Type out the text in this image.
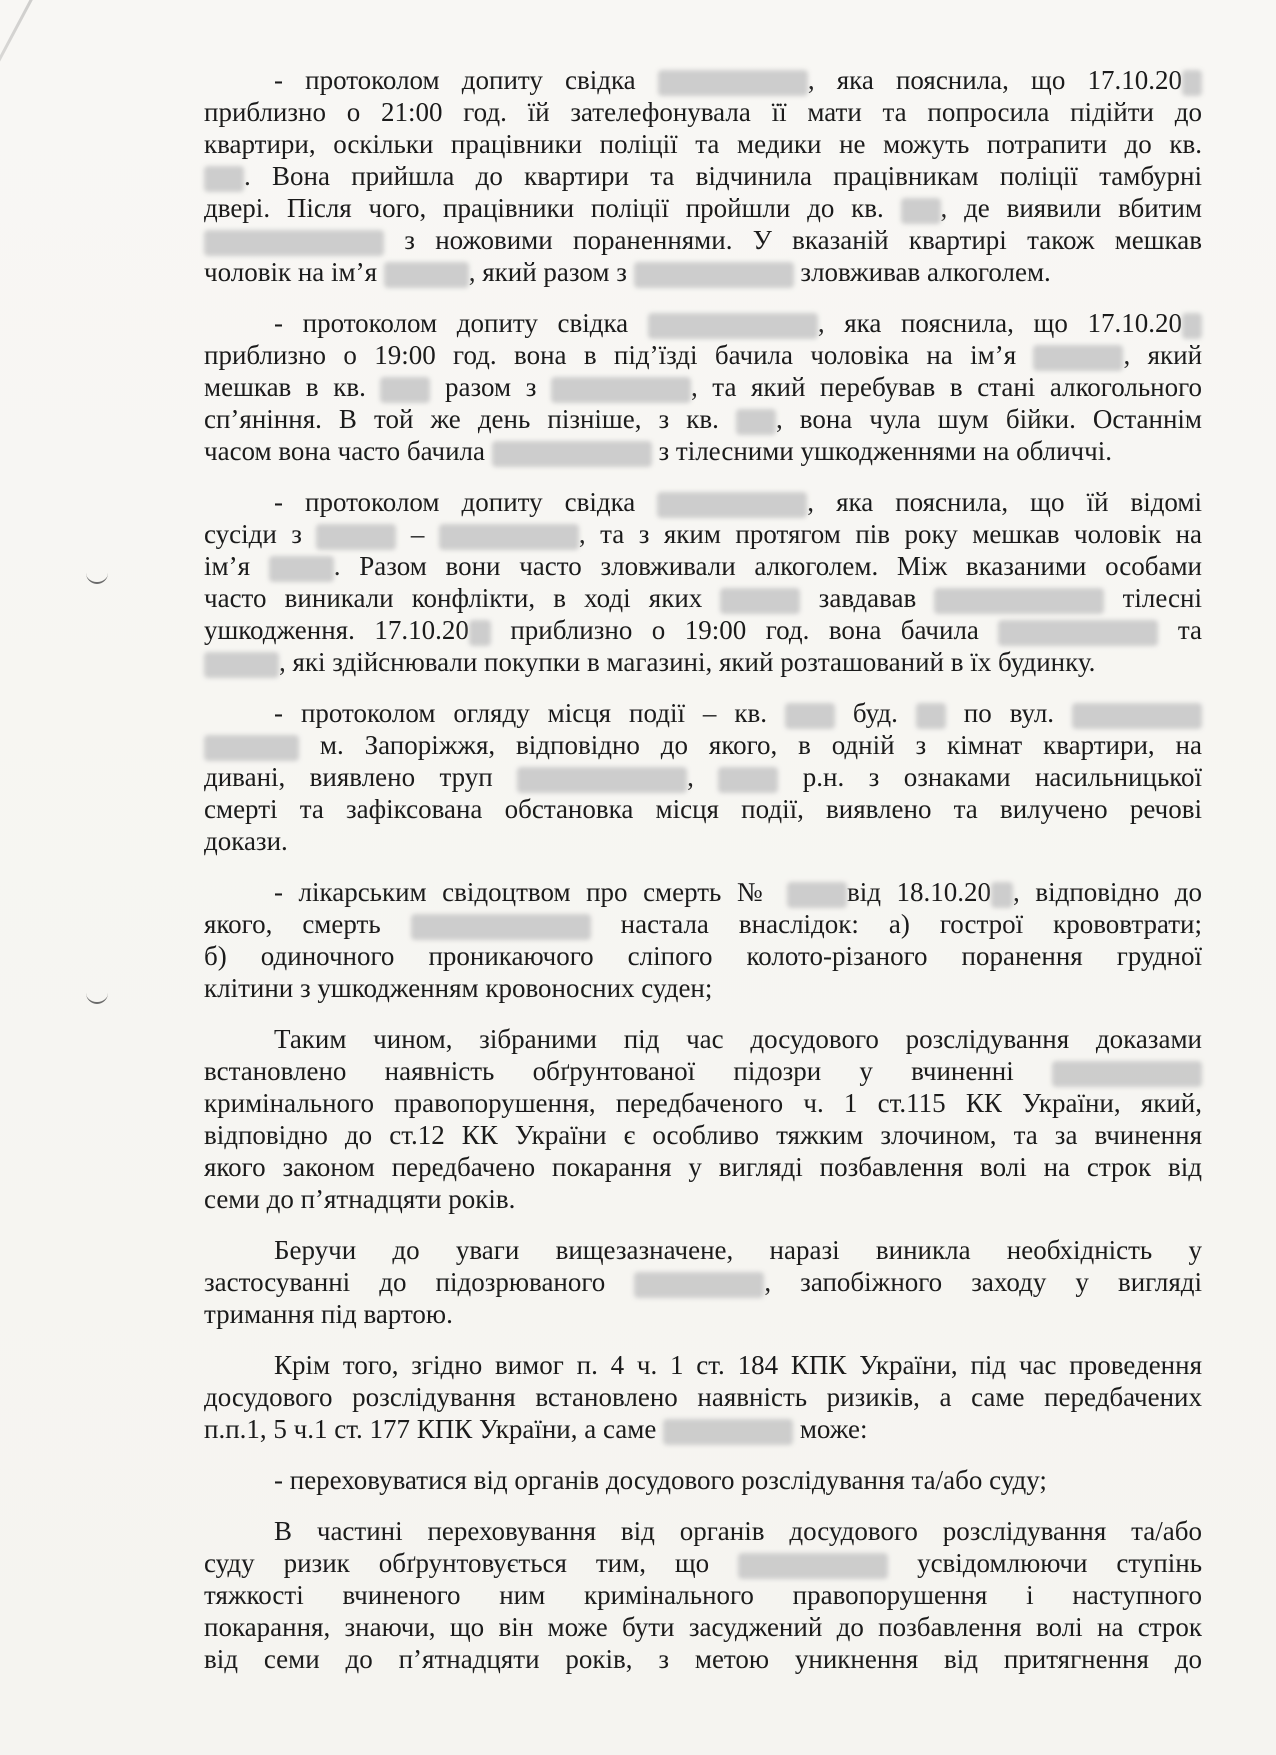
- протоколом допиту свідка	, яка пояснила, що 17.10.20
приблизно о 21:00 год. їй зателефонувала її мати та попросила підійти до
квартири, оскільки працівники поліції та медики не можуть потрапити до кв.
. Вона прийшла до квартири та відчинила працівникам поліції тамбурні
двері. Після чого, працівники поліції пройшли до кв. , де виявили вбитим
з ножовими пораненнями. У вказаній квартирі також мешкав
чоловік на ім’я	, який разом з	зловживав алкоголем.
- протоколом допиту свідка	, яка пояснила, що 17.10.20
приблизно о 19:00 год. вона в під’їзді бачила чоловіка на ім’я	, який
мешкав в кв.	разом з	, та який перебував в стані алкогольного
сп’яніння. В той же день пізніше, з кв. , вона чула шум бійки. Останнім
часом вона часто бачила	з тілесними ушкодженнями на обличчі.
- протоколом допиту свідка	, яка пояснила, що їй відомі
сусіди з	–	, та з яким протягом пів року мешкав чоловік на
ім’я	. Разом вони часто зловживали алкоголем. Між вказаними особами
часто виникали конфлікти, в ході яких	завдавав	тілесні
ушкодження. 17.10.20 приблизно о 19:00 год. вона бачила	та
, які здійснювали покупки в магазині, який розташований в їх будинку.
- протоколом огляду місця події – кв.	буд. по вул.
м. Запоріжжя, відповідно до якого, в одній з кімнат квартири, на
дивані, виявлено труп	,	р.н. з ознаками насильницької
смерті та зафіксована обстановка місця події, виявлено та вилучено речові
докази.
- лікарським свідоцтвом про смерть №	від 18.10.20 , відповідно до
якого, смерть	настала внаслідок: а) гострої крововтрати;
б) одиночного проникаючого сліпого колото-різаного поранення грудної
клітини з ушкодженням кровоносних суден;
Таким чином, зібраними під час досудового розслідування доказами
встановлено наявність обґрунтованої підозри у вчиненні
кримінального правопорушення, передбаченого ч. 1 ст.115 КК України, який,
відповідно до ст.12 КК України є особливо тяжким злочином, та за вчинення
якого законом передбачено покарання у вигляді позбавлення волі на строк від
семи до п’ятнадцяти років.
Беручи до уваги вищезазначене, наразі виникла необхідність у
застосуванні до підозрюваного	, запобіжного заходу у вигляді
тримання під вартою.
Крім того, згідно вимог п. 4 ч. 1 ст. 184 КПК України, під час проведення
досудового розслідування встановлено наявність ризиків, а саме передбачених
п.п.1, 5 ч.1 ст. 177 КПК України, а саме	може:
- переховуватися від органів досудового розслідування та/або суду;
В частині переховування від органів досудового розслідування та/або
суду ризик обґрунтовується тим, що	усвідомлюючи ступінь
тяжкості вчиненого ним кримінального правопорушення і наступного
покарання, знаючи, що він може бути засуджений до позбавлення волі на строк
від семи до п’ятнадцяти років, з метою уникнення від притягнення до
